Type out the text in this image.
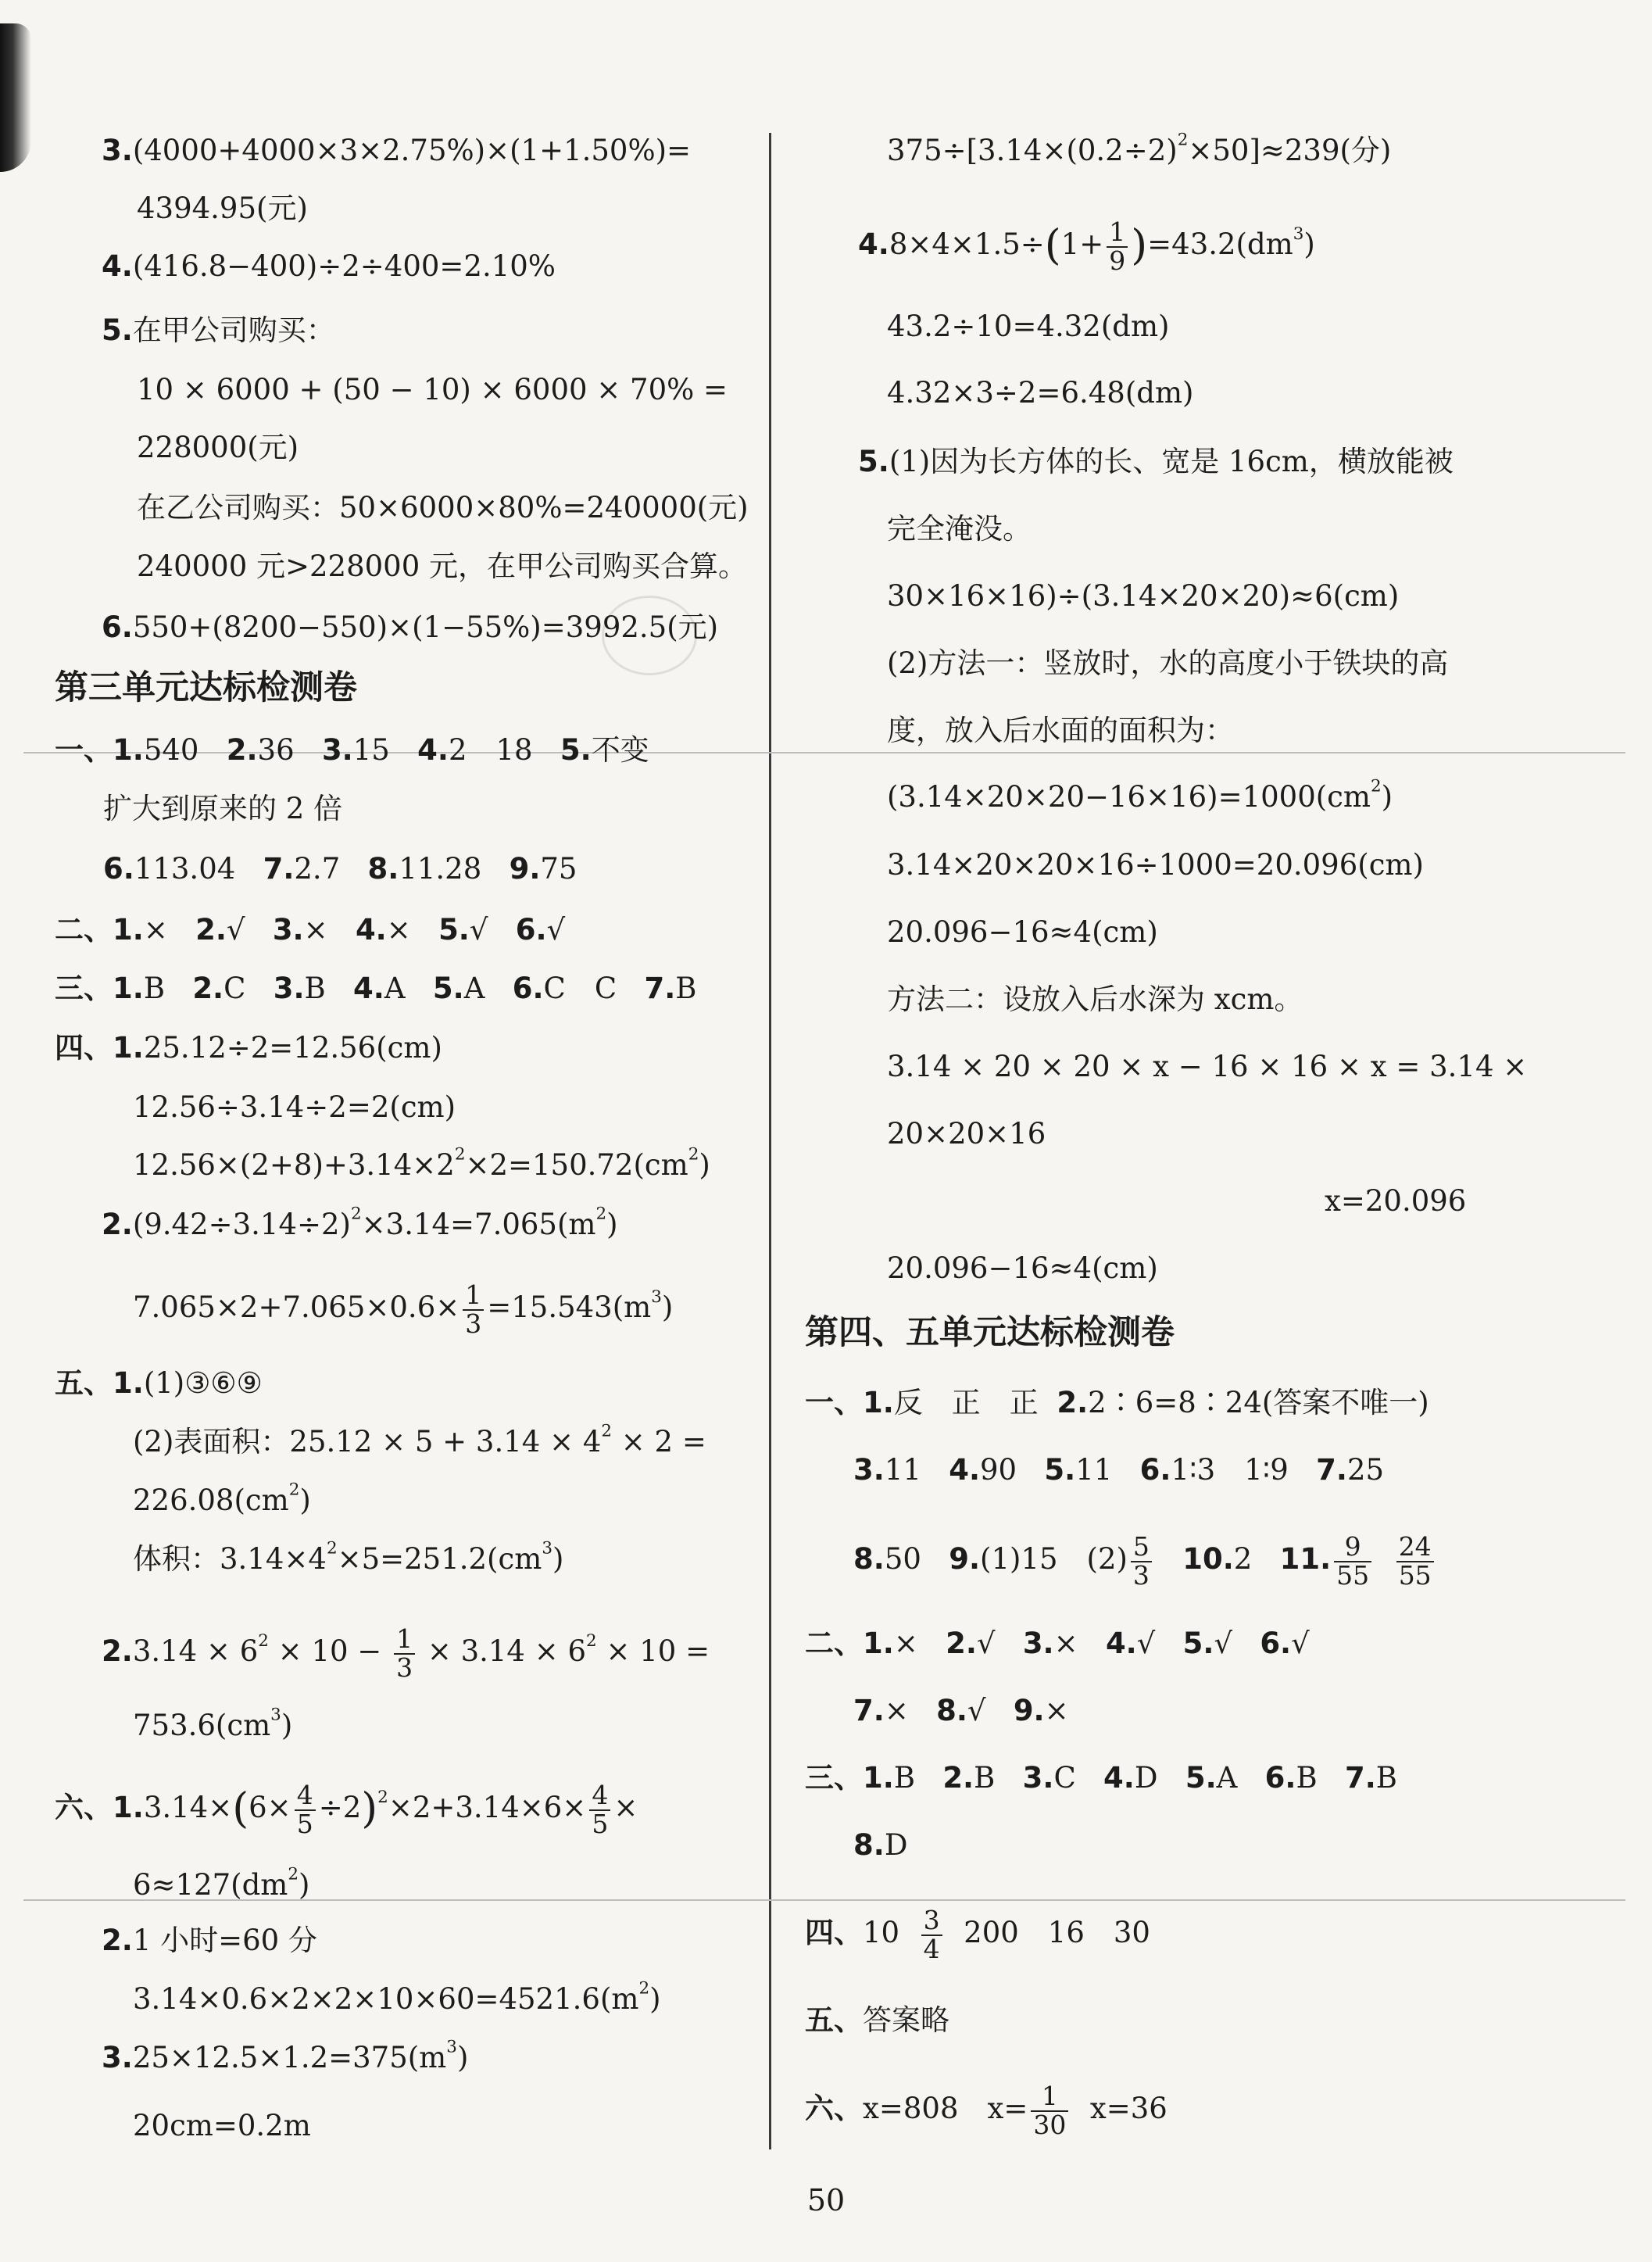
3.(4000+4000×3×2.75%)×(1+1.50%)=
4394.95(元)
4.(416.8−400)÷2÷400=2.10%
5.在甲公司购买：
10 × 6000 + (50 − 10) × 6000 × 70% =
228000(元)
在乙公司购买：50×6000×80%=240000(元)
240000 元>228000 元，在甲公司购买合算。
6.550+(8200−550)×(1−55%)=3992.5(元)
第三单元达标检测卷
一、1.540 2.36 3.15 4.2　18 5.不变
扩大到原来的 2 倍
6.113.04 7.2.7 8.11.28 9.75
二、1.× 2.√ 3.× 4.× 5.√ 6.√
三、1.B 2.C 3.B 4.A 5.A 6.C　C 7.B
四、1.25.12÷2=12.56(cm)
12.56÷3.14÷2=2(cm)
$12.56\times(2+8)+3.14\times 2^2\times 2=150.72(cm^2)$
$2.(9.42\div 3.14\div 2)^2\times 3.14=7.065(m^2)$
$7.065\times 2+7.065\times 0.6\times \frac{1}{3} =15.543(m^3)$
五、1.(1)③⑥⑨
(2)表面积：$25.12 \times 5 + 3.14 \times 4^2 \times 2$ =
$226.08(cm^2)$
体积：$3.14\times 4^2\times 5=251.2(cm^3)$
$2.3.14 \times 6^2 \times 10 - \frac{1}{3} \times 3.14 \times 6^2 \times 10$ =
$753.6(cm^3)$
六、$1.3.14\times(6\times \frac{4}{5} \div 2)^2\times 2+3.14\times 6\times \frac{4}{5}$ ×
$6\approx 127(dm^2)$
2.1 小时=60 分
$3.14\times 0.6\times 2\times 2\times 10\times 60=4521.6(m^2)$
$3.25\times 12.5\times 1.2=375(m^3)$
20cm=0.2m
$375\div[3.14\times(0.2\div 2)^2\times 50]\approx 239$(分)
$4.8\times 4\times 1.5\div(1+ \frac{1}{9} )=43.2(dm^3)$
43.2÷10=4.32(dm)
4.32×3÷2=6.48(dm)
5.(1)因为长方体的长、宽是 16cm，横放能被
完全淹没。
30×16×16)÷(3.14×20×20)≈6(cm)
(2)方法一：竖放时，水的高度小于铁块的高
度，放入后水面的面积为：
$(3.14\times 20\times 20-16\times 16)=1000(cm^2)$
3.14×20×20×16÷1000=20.096(cm)
20.096−16≈4(cm)
方法二：设放入后水深为 xcm。
3.14 × 20 × 20 × x − 16 × 16 × x = 3.14 ×
20×20×16
x=20.096
20.096−16≈4(cm)
第四、五单元达标检测卷
一、1.反　正　正 2.2∶6=8∶24(答案不唯一)
3.11 4.90 5.11 6.1∶3　1∶9 7.25
8.50 9.(1)15　$(2) \frac{5}{3} 10.2$ 11. $\frac{9}{55}$
$\frac{24}{55}$
二、1.× 2.√ 3.× 4.√ 5.√ 6.√
7.× 8.√ 9.×
三、1.B 2.B 3.C 4.D 5.A 6.B 7.B
8.D
四、$10 \frac{3}{4} 200$　16　30
五、答案略
六、x=808　$x= \frac{1}{30} x=36$
50
